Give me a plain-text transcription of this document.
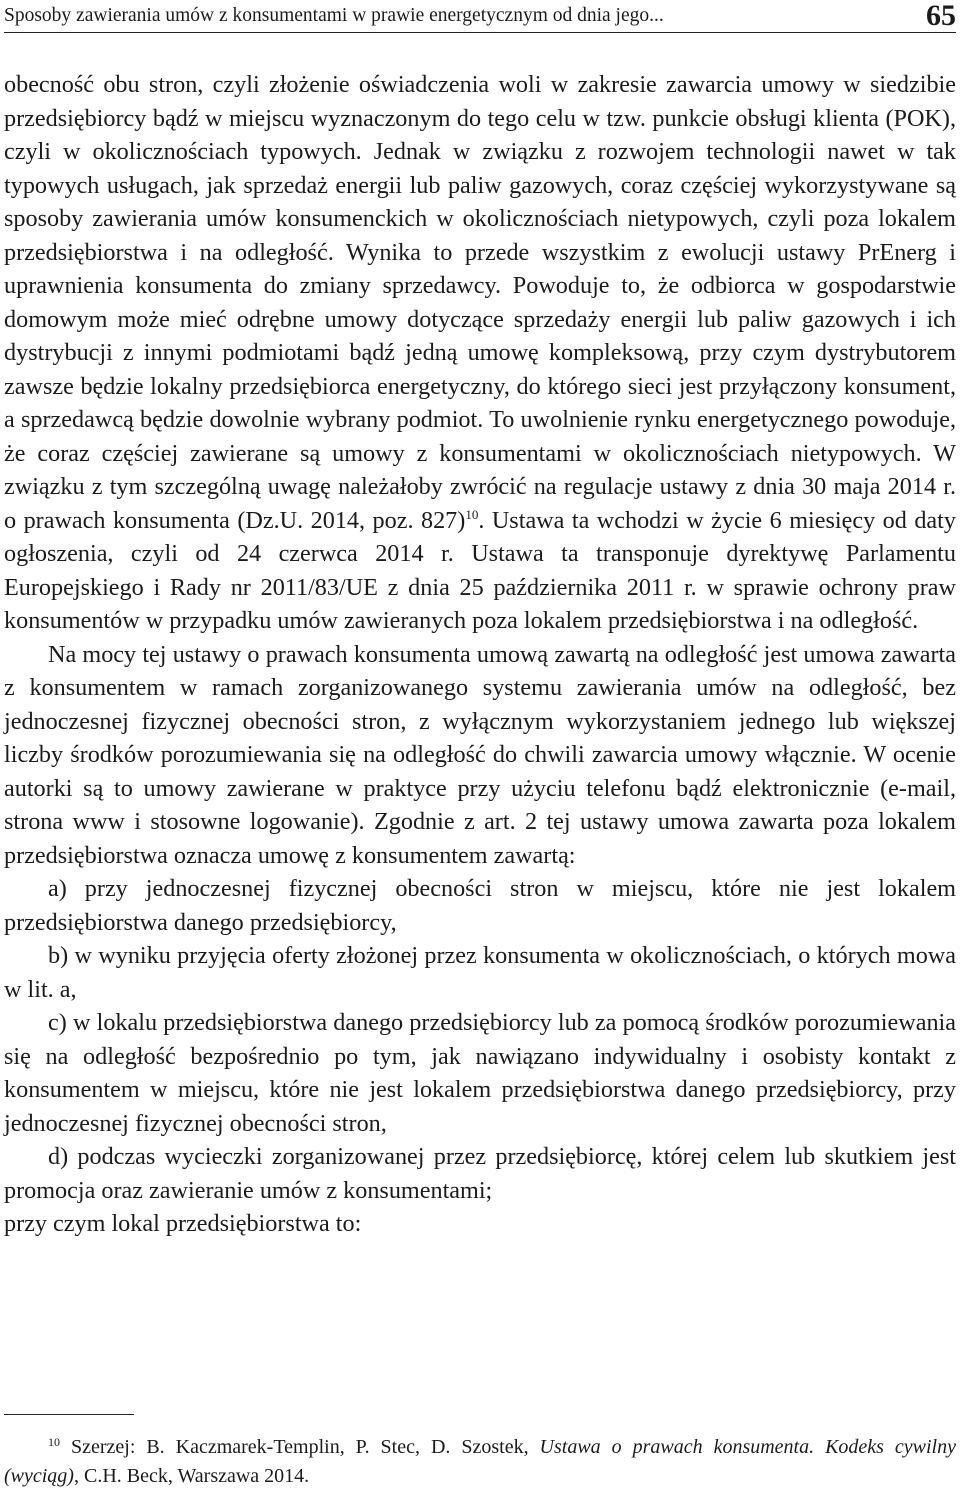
Sposoby zawierania umów z konsumentami w prawie energetycznym od dnia jego...	65

obecność obu stron, czyli złożenie oświadczenia woli w zakresie zawarcia umowy w siedzibie przedsiębiorcy bądź w miejscu wyznaczonym do tego celu w tzw. punkcie obsługi klienta (POK), czyli w okolicznościach typowych. Jednak w związku z rozwojem technologii nawet w tak typowych usługach, jak sprzedaż energii lub paliw gazowych, coraz częściej wykorzystywane są sposoby zawierania umów konsumenckich w okolicznościach nietypowych, czyli poza lokalem przedsiębiorstwa i na odległość. Wynika to przede wszystkim z ewolucji ustawy PrEnerg i uprawnienia konsumenta do zmiany sprzedawcy. Powoduje to, że odbiorca w gospodarstwie domowym może mieć odrębne umowy dotyczące sprzedaży energii lub paliw gazowych i ich dystrybucji z innymi podmiotami bądź jedną umowę kompleksową, przy czym dystrybutorem zawsze będzie lokalny przedsiębiorca energetyczny, do którego sieci jest przyłączony konsument, a sprzedawcą będzie dowolnie wybrany podmiot. To uwolnienie rynku energetycznego powoduje, że coraz częściej zawierane są umowy z konsumentami w okolicznościach nietypowych. W związku z tym szczególną uwagę należałoby zwrócić na regulacje ustawy z dnia 30 maja 2014 r. o prawach konsumenta (Dz.U. 2014, poz. 827)$^{10}$. Ustawa ta wchodzi w życie 6 miesięcy od daty ogłoszenia, czyli od 24 czerwca 2014 r. Ustawa ta transponuje dyrektywę Parlamentu Europejskiego i Rady nr 2011/83/UE z dnia 25 października 2011 r. w sprawie ochrony praw konsumentów w przypadku umów zawieranych poza lokalem przedsiębiorstwa i na odległość.

Na mocy tej ustawy o prawach konsumenta umową zawartą na odległość jest umowa zawarta z konsumentem w ramach zorganizowanego systemu zawierania umów na odległość, bez jednoczesnej fizycznej obecności stron, z wyłącznym wykorzystaniem jednego lub większej liczby środków porozumiewania się na odległość do chwili zawarcia umowy włącznie. W ocenie autorki są to umowy zawierane w praktyce przy użyciu telefonu bądź elektronicznie (e-mail, strona www i stosowne logowanie). Zgodnie z art. 2 tej ustawy umowa zawarta poza lokalem przedsiębiorstwa oznacza umowę z konsumentem zawartą:

a) przy jednoczesnej fizycznej obecności stron w miejscu, które nie jest lokalem przedsiębiorstwa danego przedsiębiorcy,

b) w wyniku przyjęcia oferty złożonej przez konsumenta w okolicznościach, o których mowa w lit. a,

c) w lokalu przedsiębiorstwa danego przedsiębiorcy lub za pomocą środków porozumiewania się na odległość bezpośrednio po tym, jak nawiązano indywidualny i osobisty kontakt z konsumentem w miejscu, które nie jest lokalem przedsiębiorstwa danego przedsiębiorcy, przy jednoczesnej fizycznej obecności stron,

d) podczas wycieczki zorganizowanej przez przedsiębiorcę, której celem lub skutkiem jest promocja oraz zawieranie umów z konsumentami;

przy czym lokal przedsiębiorstwa to:

$^{10}$ Szerzej: B. Kaczmarek-Templin, P. Stec, D. Szostek, Ustawa o prawach konsumenta. Kodeks cywilny (wyciąg), C.H. Beck, Warszawa 2014.
